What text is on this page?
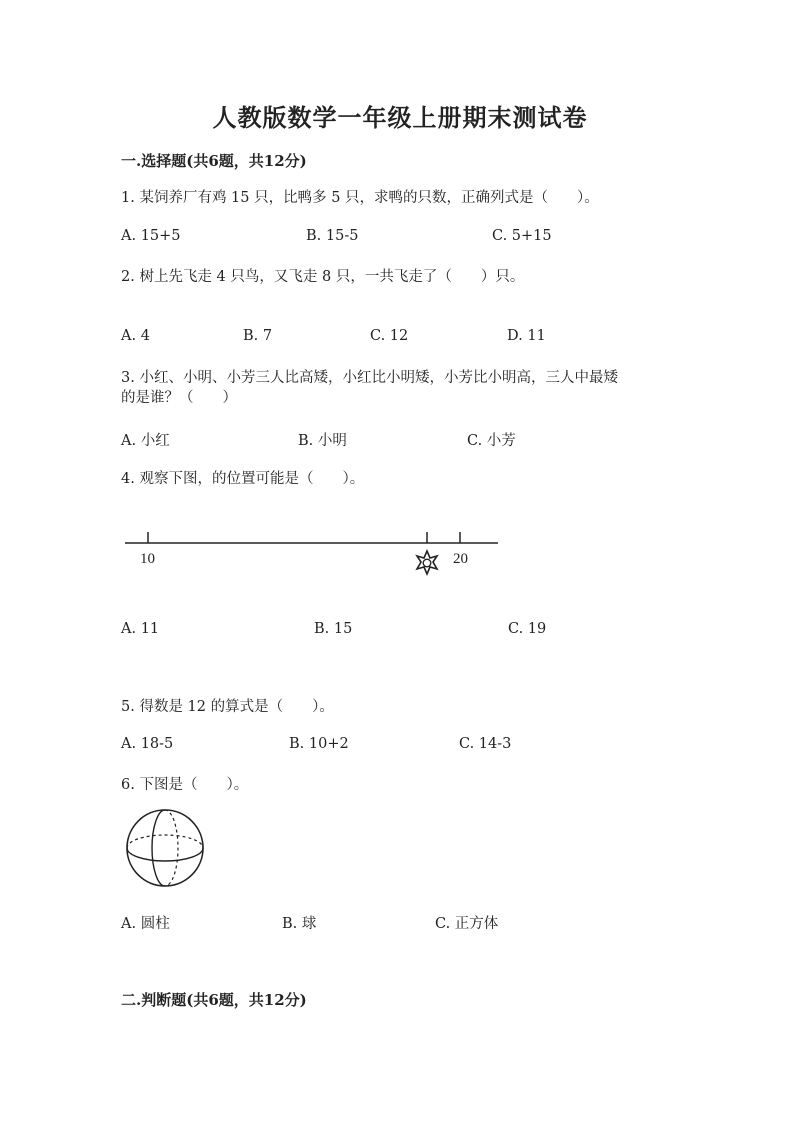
人教版数学一年级上册期末测试卷
一.选择题(共6题，共12分)
1. 某饲养厂有鸡 15 只，比鸭多 5 只，求鸭的只数，正确列式是（　　）。
A. 15+5	B. 15-5	C. 5+15
2. 树上先飞走 4 只鸟，又飞走 8 只，一共飞走了（　　）只。
A. 4	B. 7	C. 12	D. 11
3. 小红、小明、小芳三人比高矮，小红比小明矮，小芳比小明高，三人中最矮
的是谁？（　　）
A. 小红	B. 小明	C. 小芳
4. 观察下图，的位置可能是（　　）。
10	20
A. 11	B. 15	C. 19
5. 得数是 12 的算式是（　　）。
A. 18-5	B. 10+2	C. 14-3
6. 下图是（　　）。
A. 圆柱	B. 球	C. 正方体
二.判断题(共6题，共12分)
